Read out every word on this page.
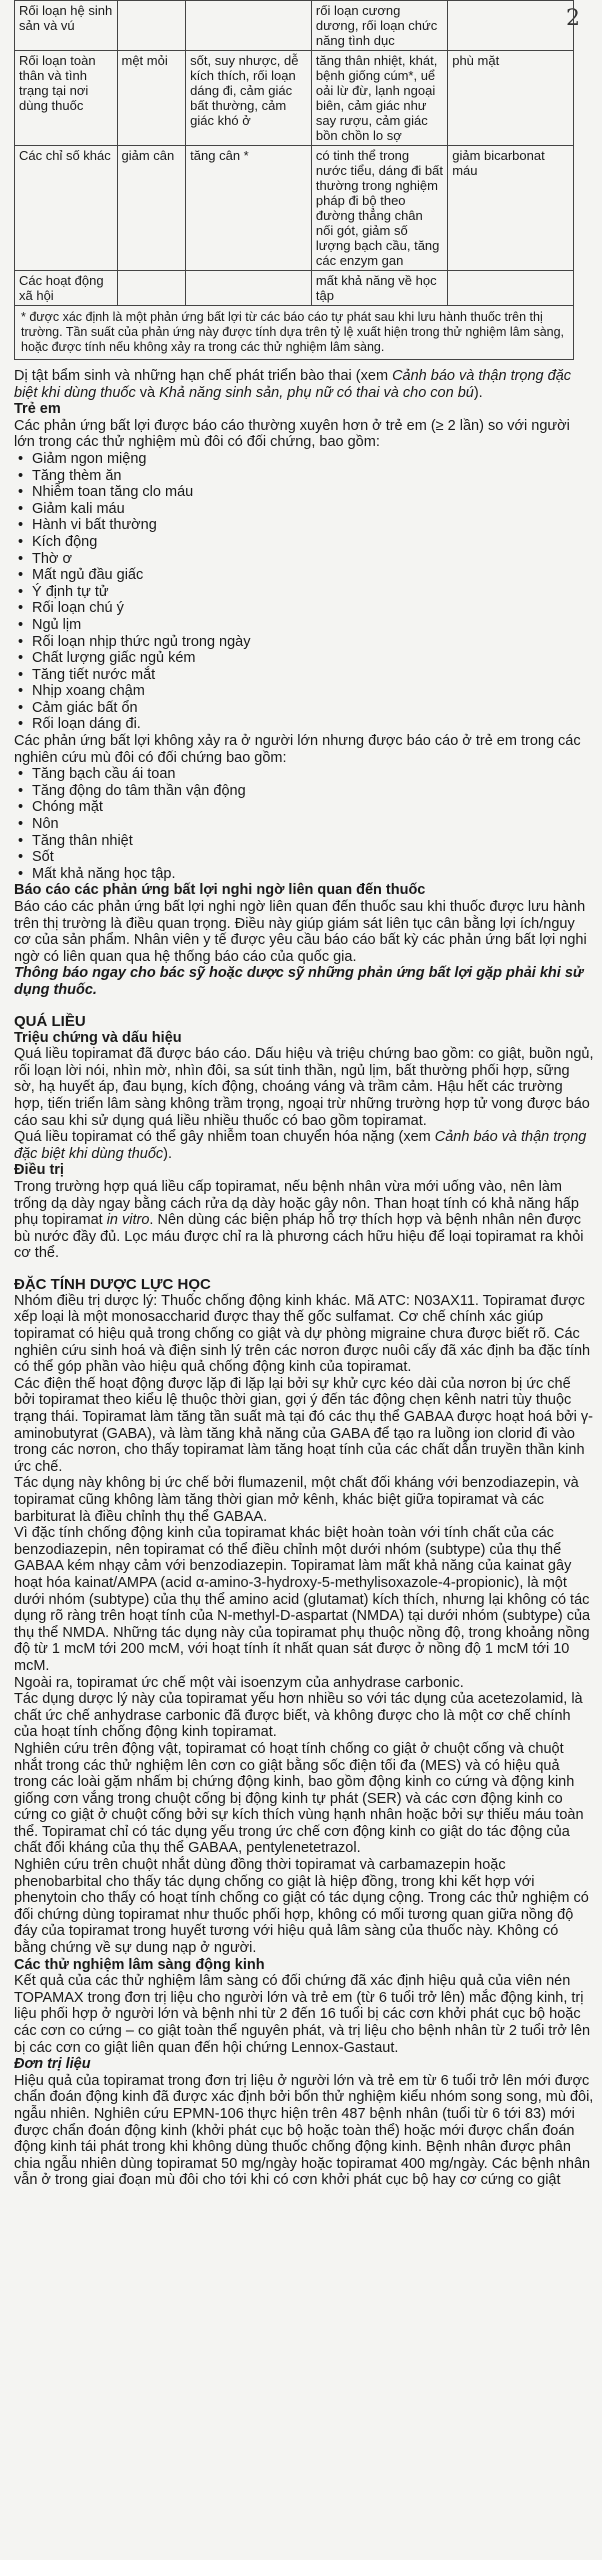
2
Rối loạn hệ sinh sản và vú			rối loạn cương dương, rối loạn chức năng tình dục	
Rối loạn toàn thân và tình trạng tại nơi dùng thuốc	mệt mỏi	sốt, suy nhược, dễ kích thích, rối loạn dáng đi, cảm giác bất thường, cảm giác khó ở	tăng thân nhiệt, khát, bệnh giống cúm*, uể oải lừ đừ, lạnh ngoại biên, cảm giác như say rượu, cảm giác bồn chồn lo sợ	phù mặt
Các chỉ số khác	giảm cân	tăng cân *	có tinh thể trong nước tiểu, dáng đi bất thường trong nghiệm pháp đi bộ theo đường thẳng chân nối gót, giảm số lượng bạch cầu, tăng các enzym gan	giảm bicarbonat máu
Các hoạt động xã hội			mất khả năng về học tập	
* được xác định là một phản ứng bất lợi từ các báo cáo tự phát sau khi lưu hành thuốc trên thị trường. Tần suất của phản ứng này được tính dựa trên tỷ lệ xuất hiện trong thử nghiệm lâm sàng, hoặc được tính nếu không xảy ra trong các thử nghiệm lâm sàng.				

Dị tật bẩm sinh và những hạn chế phát triển bào thai (xem Cảnh báo và thận trọng đặc biệt khi dùng thuốc và Khả năng sinh sản, phụ nữ có thai và cho con bú).

Trẻ em

Các phản ứng bất lợi được báo cáo thường xuyên hơn ở trẻ em (≥ 2 lần) so với người lớn trong các thử nghiệm mù đôi có đối chứng, bao gồm:

• Giảm ngon miệng
• Tăng thèm ăn
• Nhiễm toan tăng clo máu
• Giảm kali máu
• Hành vi bất thường
• Kích động
• Thờ ơ
• Mất ngủ đầu giấc
• Ý định tự tử
• Rối loạn chú ý
• Ngủ lịm
• Rối loạn nhịp thức ngủ trong ngày
• Chất lượng giấc ngủ kém
• Tăng tiết nước mắt
• Nhịp xoang chậm
• Cảm giác bất ổn
• Rối loạn dáng đi.

Các phản ứng bất lợi không xảy ra ở người lớn nhưng được báo cáo ở trẻ em trong các nghiên cứu mù đôi có đối chứng bao gồm:

• Tăng bạch cầu ái toan
• Tăng động do tâm thần vận động
• Chóng mặt
• Nôn
• Tăng thân nhiệt
• Sốt
• Mất khả năng học tập.

Báo cáo các phản ứng bất lợi nghi ngờ liên quan đến thuốc

Báo cáo các phản ứng bất lợi nghi ngờ liên quan đến thuốc sau khi thuốc được lưu hành trên thị trường là điều quan trọng. Điều này giúp giám sát liên tục cân bằng lợi ích/nguy cơ của sản phẩm. Nhân viên y tế được yêu cầu báo cáo bất kỳ các phản ứng bất lợi nghi ngờ có liên quan qua hệ thống báo cáo của quốc gia.

Thông báo ngay cho bác sỹ hoặc dược sỹ những phản ứng bất lợi gặp phải khi sử dụng thuốc.

QUÁ LIỀU

Triệu chứng và dấu hiệu

Quá liều topiramat đã được báo cáo. Dấu hiệu và triệu chứng bao gồm: co giật, buồn ngủ, rối loạn lời nói, nhìn mờ, nhìn đôi, sa sút tinh thần, ngủ lịm, bất thường phối hợp, sững sờ, hạ huyết áp, đau bụng, kích động, choáng váng và trầm cảm. Hậu hết các trường hợp, tiến triển lâm sàng không trầm trọng, ngoại trừ những trường hợp tử vong được báo cáo sau khi sử dụng quá liều nhiều thuốc có bao gồm topiramat.

Quá liều topiramat có thể gây nhiễm toan chuyển hóa nặng (xem Cảnh báo và thận trọng đặc biệt khi dùng thuốc).

Điều trị

Trong trường hợp quá liều cấp topiramat, nếu bệnh nhân vừa mới uống vào, nên làm trống dạ dày ngay bằng cách rửa dạ dày hoặc gây nôn. Than hoạt tính có khả năng hấp phụ topiramat in vitro. Nên dùng các biện pháp hỗ trợ thích hợp và bệnh nhân nên được bù nước đầy đủ. Lọc máu được chỉ ra là phương cách hữu hiệu để loại topiramat ra khỏi cơ thể.

ĐẶC TÍNH DƯỢC LỰC HỌC

Nhóm điều trị dược lý: Thuốc chống động kinh khác. Mã ATC: N03AX11. Topiramat được xếp loại là một monosaccharid được thay thế gốc sulfamat. Cơ chế chính xác giúp topiramat có hiệu quả trong chống co giật và dự phòng migraine chưa được biết rõ. Các nghiên cứu sinh hoá và điện sinh lý trên các nơron được nuôi cấy đã xác định ba đặc tính có thể góp phần vào hiệu quả chống động kinh của topiramat.

Các điện thế hoạt động được lặp đi lặp lại bởi sự khử cực kéo dài của nơron bị ức chế bởi topiramat theo kiểu lệ thuộc thời gian, gợi ý đến tác động chẹn kênh natri tùy thuộc trạng thái. Topiramat làm tăng tần suất mà tại đó các thụ thể GABAA được hoạt hoá bởi γ- aminobutyrat (GABA), và làm tăng khả năng của GABA để tạo ra luồng ion clorid đi vào trong các nơron, cho thấy topiramat làm tăng hoạt tính của các chất dẫn truyền thần kinh ức chế.

Tác dụng này không bị ức chế bởi flumazenil, một chất đối kháng với benzodiazepin, và topiramat cũng không làm tăng thời gian mở kênh, khác biệt giữa topiramat và các barbiturat là điều chỉnh thụ thể GABAA.

Vì đặc tính chống động kinh của topiramat khác biệt hoàn toàn với tính chất của các benzodiazepin, nên topiramat có thể điều chỉnh một dưới nhóm (subtype) của thụ thể GABAA kém nhạy cảm với benzodiazepin. Topiramat làm mất khả năng của kainat gây hoạt hóa kainat/AMPA (acid α-amino-3-hydroxy-5-methylisoxazole-4-propionic), là một dưới nhóm (subtype) của thụ thể amino acid (glutamat) kích thích, nhưng lại không có tác dụng rõ ràng trên hoạt tính của N-methyl-D-aspartat (NMDA) tại dưới nhóm (subtype) của thụ thể NMDA. Những tác dụng này của topiramat phụ thuộc nồng độ, trong khoảng nồng độ từ 1 mcM tới 200 mcM, với hoạt tính ít nhất quan sát được ở nồng độ 1 mcM tới 10 mcM.

Ngoài ra, topiramat ức chế một vài isoenzym của anhydrase carbonic.

Tác dụng dược lý này của topiramat yếu hơn nhiều so với tác dụng của acetezolamid, là chất ức chế anhydrase carbonic đã được biết, và không được cho là một cơ chế chính của hoạt tính chống động kinh topiramat.

Nghiên cứu trên động vật, topiramat có hoạt tính chống co giật ở chuột cống và chuột nhắt trong các thử nghiệm lên cơn co giật bằng sốc điện tối đa (MES) và có hiệu quả trong các loài gặm nhấm bị chứng động kinh, bao gồm động kinh co cứng và động kinh giống cơn vắng trong chuột cống bị động kinh tự phát (SER) và các cơn động kinh co cứng co giật ở chuột cống bởi sự kích thích vùng hạnh nhân hoặc bởi sự thiếu máu toàn thể. Topiramat chỉ có tác dụng yếu trong ức chế cơn động kinh co giật do tác động của chất đối kháng của thụ thể GABAA, pentylenetetrazol.

Nghiên cứu trên chuột nhắt dùng đồng thời topiramat và carbamazepin hoặc phenobarbital cho thấy tác dụng chống co giật là hiệp đồng, trong khi kết hợp với phenytoin cho thấy có hoạt tính chống co giật có tác dụng cộng. Trong các thử nghiệm có đối chứng dùng topiramat như thuốc phối hợp, không có mối tương quan giữa nồng độ đáy của topiramat trong huyết tương với hiệu quả lâm sàng của thuốc này. Không có bằng chứng về sự dung nạp ở người.

Các thử nghiệm lâm sàng động kinh

Kết quả của các thử nghiệm lâm sàng có đối chứng đã xác định hiệu quả của viên nén TOPAMAX trong đơn trị liệu cho người lớn và trẻ em (từ 6 tuổi trở lên) mắc động kinh, trị liệu phối hợp ở người lớn và bệnh nhi từ 2 đến 16 tuổi bị các cơn khởi phát cục bộ hoặc các cơn co cứng – co giật toàn thể nguyên phát, và trị liệu cho bệnh nhân từ 2 tuổi trở lên bị các cơn co giật liên quan đến hội chứng Lennox-Gastaut.

Đơn trị liệu

Hiệu quả của topiramat trong đơn trị liệu ở người lớn và trẻ em từ 6 tuổi trở lên mới được chẩn đoán động kinh đã được xác định bởi bốn thử nghiệm kiểu nhóm song song, mù đôi, ngẫu nhiên. Nghiên cứu EPMN-106 thực hiện trên 487 bệnh nhân (tuổi từ 6 tới 83) mới được chẩn đoán động kinh (khởi phát cục bộ hoặc toàn thể) hoặc mới được chẩn đoán động kinh tái phát trong khi không dùng thuốc chống động kinh. Bệnh nhân được phân chia ngẫu nhiên dùng topiramat 50 mg/ngày hoặc topiramat 400 mg/ngày. Các bệnh nhân vẫn ở trong giai đoạn mù đôi cho tới khi có cơn khởi phát cục bộ hay cơ cứng co giật
